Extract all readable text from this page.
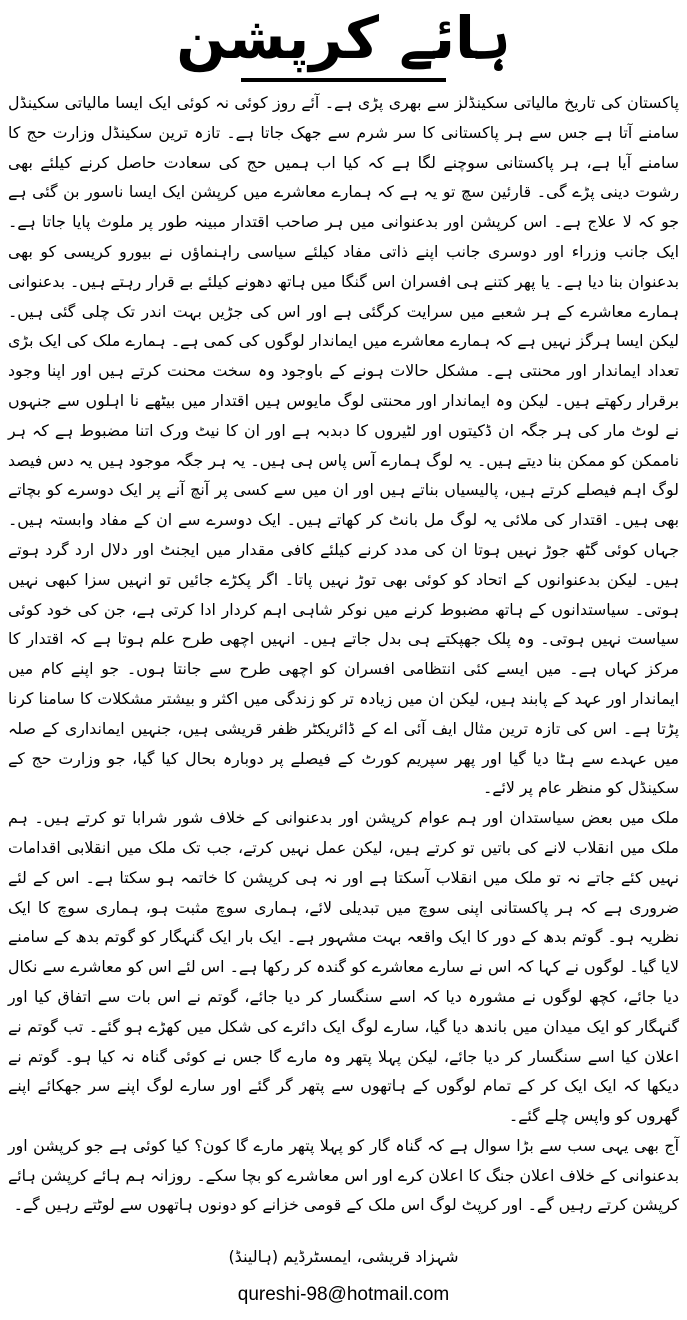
ہائے کرپشن

پاکستان کی تاریخ مالیاتی سکینڈلز سے بھری پڑی ہے۔ آئے روز کوئی نہ کوئی ایک ایسا مالیاتی سکینڈل سامنے آتا ہے جس سے ہر پاکستانی کا سر شرم سے جھک جاتا ہے۔ تازہ ترین سکینڈل وزارت حج کا سامنے آیا ہے، ہر پاکستانی سوچنے لگا ہے کہ کیا اب ہمیں حج کی سعادت حاصل کرنے کیلئے بھی رشوت دینی پڑے گی۔ قارئین سچ تو یہ ہے کہ ہمارے معاشرے میں کرپشن ایک ایسا ناسور بن گئی ہے جو کہ لا علاج ہے۔ اس کرپشن اور بدعنوانی میں ہر صاحب اقتدار مبینہ طور پر ملوث پایا جاتا ہے۔ ایک جانب وزراء اور دوسری جانب اپنے ذاتی مفاد کیلئے سیاسی راہنماؤں نے بیورو کریسی کو بھی بدعنوان بنا دیا ہے۔ یا پھر کتنے ہی افسران اس گنگا میں ہاتھ دھونے کیلئے بے قرار رہتے ہیں۔ بدعنوانی ہمارے معاشرے کے ہر شعبے میں سرایت کرگئی ہے اور اس کی جڑیں بہت اندر تک چلی گئی ہیں۔ لیکن ایسا ہرگز نہیں ہے کہ ہمارے معاشرے میں ایماندار لوگوں کی کمی ہے۔ ہمارے ملک کی ایک بڑی تعداد ایماندار اور محنتی ہے۔ مشکل حالات ہونے کے باوجود وہ سخت محنت کرتے ہیں اور اپنا وجود برقرار رکھتے ہیں۔ لیکن وہ ایماندار اور محنتی لوگ مایوس ہیں اقتدار میں بیٹھے نا اہلوں سے جنہوں نے لوٹ مار کی ہر جگہ ان ڈکیتوں اور لٹیروں کا دبدبہ ہے اور ان کا نیٹ ورک اتنا مضبوط ہے کہ ہر ناممکن کو ممکن بنا دیتے ہیں۔ یہ لوگ ہمارے آس پاس ہی ہیں۔ یہ ہر جگہ موجود ہیں یہ دس فیصد لوگ اہم فیصلے کرتے ہیں، پالیسیاں بناتے ہیں اور ان میں سے کسی پر آنچ آنے پر ایک دوسرے کو بچاتے بھی ہیں۔ اقتدار کی ملائی یہ لوگ مل بانٹ کر کھاتے ہیں۔ ایک دوسرے سے ان کے مفاد وابستہ ہیں۔ جہاں کوئی گٹھ جوڑ نہیں ہوتا ان کی مدد کرنے کیلئے کافی مقدار میں ایجنٹ اور دلال ارد گرد ہوتے ہیں۔ لیکن بدعنوانوں کے اتحاد کو کوئی بھی توڑ نہیں پاتا۔ اگر پکڑے جائیں تو انہیں سزا کبھی نہیں ہوتی۔ سیاستدانوں کے ہاتھ مضبوط کرنے میں نوکر شاہی اہم کردار ادا کرتی ہے، جن کی خود کوئی سیاست نہیں ہوتی۔ وہ پلک جھپکتے ہی بدل جاتے ہیں۔ انہیں اچھی طرح علم ہوتا ہے کہ اقتدار کا مرکز کہاں ہے۔ میں ایسے کئی انتظامی افسران کو اچھی طرح سے جانتا ہوں۔ جو اپنے کام میں ایماندار اور عہد کے پابند ہیں، لیکن ان میں زیادہ تر کو زندگی میں اکثر و بیشتر مشکلات کا سامنا کرنا پڑتا ہے۔ اس کی تازہ ترین مثال ایف آئی اے کے ڈائریکٹر ظفر قریشی ہیں، جنہیں ایمانداری کے صلہ میں عہدے سے ہٹا دیا گیا اور پھر سپریم کورٹ کے فیصلے پر دوبارہ بحال کیا گیا، جو وزارت حج کے سکینڈل کو منظر عام پر لائے۔

ملک میں بعض سیاستدان اور ہم عوام کرپشن اور بدعنوانی کے خلاف شور شرابا تو کرتے ہیں۔ ہم ملک میں انقلاب لانے کی باتیں تو کرتے ہیں، لیکن عمل نہیں کرتے، جب تک ملک میں انقلابی اقدامات نہیں کئے جاتے نہ تو ملک میں انقلاب آسکتا ہے اور نہ ہی کرپشن کا خاتمہ ہو سکتا ہے۔ اس کے لئے ضروری ہے کہ ہر پاکستانی اپنی سوچ میں تبدیلی لائے، ہماری سوچ مثبت ہو، ہماری سوچ کا ایک نظریہ ہو۔ گوتم بدھ کے دور کا ایک واقعہ بہت مشہور ہے۔ ایک بار ایک گنہگار کو گوتم بدھ کے سامنے لایا گیا۔ لوگوں نے کہا کہ اس نے سارے معاشرے کو گندہ کر رکھا ہے۔ اس لئے اس کو معاشرے سے نکال دیا جائے، کچھ لوگوں نے مشورہ دیا کہ اسے سنگسار کر دیا جائے، گوتم نے اس بات سے اتفاق کیا اور گنہگار کو ایک میدان میں باندھ دیا گیا، سارے لوگ ایک دائرے کی شکل میں کھڑے ہو گئے۔ تب گوتم نے اعلان کیا اسے سنگسار کر دیا جائے، لیکن پہلا پتھر وہ مارے گا جس نے کوئی گناہ نہ کیا ہو۔ گوتم نے دیکھا کہ ایک ایک کر کے تمام لوگوں کے ہاتھوں سے پتھر گر گئے اور سارے لوگ اپنے سر جھکائے اپنے گھروں کو واپس چلے گئے۔

آج بھی یہی سب سے بڑا سوال ہے کہ گناہ گار کو پہلا پتھر مارے گا کون؟ کیا کوئی ہے جو کرپشن اور بدعنوانی کے خلاف اعلان جنگ کا اعلان کرے اور اس معاشرے کو بچا سکے۔ روزانہ ہم ہائے کرپشن ہائے کرپشن کرتے رہیں گے۔ اور کرپٹ لوگ اس ملک کے قومی خزانے کو دونوں ہاتھوں سے لوٹتے رہیں گے۔

شہزاد قریشی، ایمسٹرڈیم (ہالینڈ)
qureshi-98@hotmail.com
